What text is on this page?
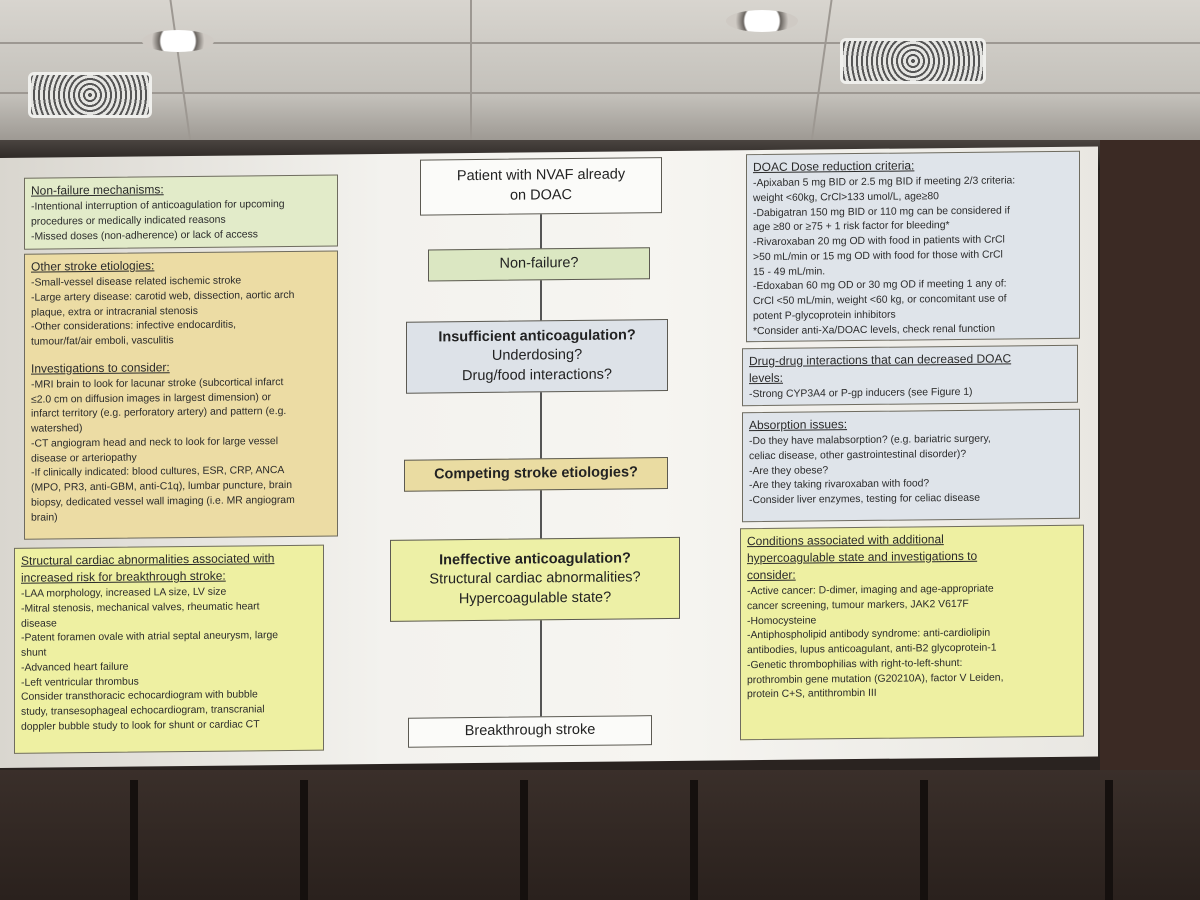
Non-failure mechanisms:
-Intentional interruption of anticoagulation for upcoming
procedures or medically indicated reasons
-Missed doses (non-adherence) or lack of access
Other stroke etiologies:
-Small-vessel disease related ischemic stroke
-Large artery disease: carotid web, dissection, aortic arch
plaque, extra or intracranial stenosis
-Other considerations: infective endocarditis,
tumour/fat/air emboli, vasculitis
Investigations to consider:
-MRI brain to look for lacunar stroke (subcortical infarct
≤2.0 cm on diffusion images in largest dimension) or
infarct territory (e.g. perforatory artery) and pattern (e.g.
watershed)
-CT angiogram head and neck to look for large vessel
disease or arteriopathy
-If clinically indicated: blood cultures, ESR, CRP, ANCA
(MPO, PR3, anti-GBM, anti-C1q), lumbar puncture, brain
biopsy, dedicated vessel wall imaging (i.e. MR angiogram
brain)
Structural cardiac abnormalities associated with
increased risk for breakthrough stroke:
-LAA morphology, increased LA size, LV size
-Mitral stenosis, mechanical valves, rheumatic heart
disease
-Patent foramen ovale with atrial septal aneurysm, large
shunt
-Advanced heart failure
-Left ventricular thrombus
Consider transthoracic echocardiogram with bubble
study, transesophageal echocardiogram, transcranial
doppler bubble study to look for shunt or cardiac CT
Patient with NVAF already
on DOAC
Non-failure?
Insufficient anticoagulation?
Underdosing?
Drug/food interactions?
Competing stroke etiologies?
Ineffective anticoagulation?
Structural cardiac abnormalities?
Hypercoagulable state?
Breakthrough stroke
DOAC Dose reduction criteria:
-Apixaban 5 mg BID or 2.5 mg BID if meeting 2/3 criteria:
weight <60kg, CrCl>133 umol/L, age≥80
-Dabigatran 150 mg BID or 110 mg can be considered if
age ≥80 or ≥75 + 1 risk factor for bleeding*
-Rivaroxaban 20 mg OD with food in patients with CrCl
>50 mL/min or 15 mg OD with food for those with CrCl
15 - 49 mL/min.
-Edoxaban 60 mg OD or 30 mg OD if meeting 1 any of:
CrCl <50 mL/min, weight <60 kg, or concomitant use of
potent P-glycoprotein inhibitors
*Consider anti-Xa/DOAC levels, check renal function
Drug-drug interactions that can decreased DOAC
levels:
-Strong CYP3A4 or P-gp inducers (see Figure 1)
Absorption issues:
-Do they have malabsorption? (e.g. bariatric surgery,
celiac disease, other gastrointestinal disorder)?
-Are they obese?
-Are they taking rivaroxaban with food?
-Consider liver enzymes, testing for celiac disease
Conditions associated with additional
hypercoagulable state and investigations to
consider:
-Active cancer: D-dimer, imaging and age-appropriate
cancer screening, tumour markers, JAK2 V617F
-Homocysteine
-Antiphospholipid antibody syndrome: anti-cardiolipin
antibodies, lupus anticoagulant, anti-B2 glycoprotein-1
-Genetic thrombophilias with right-to-left-shunt:
prothrombin gene mutation (G20210A), factor V Leiden,
protein C+S, antithrombin III
